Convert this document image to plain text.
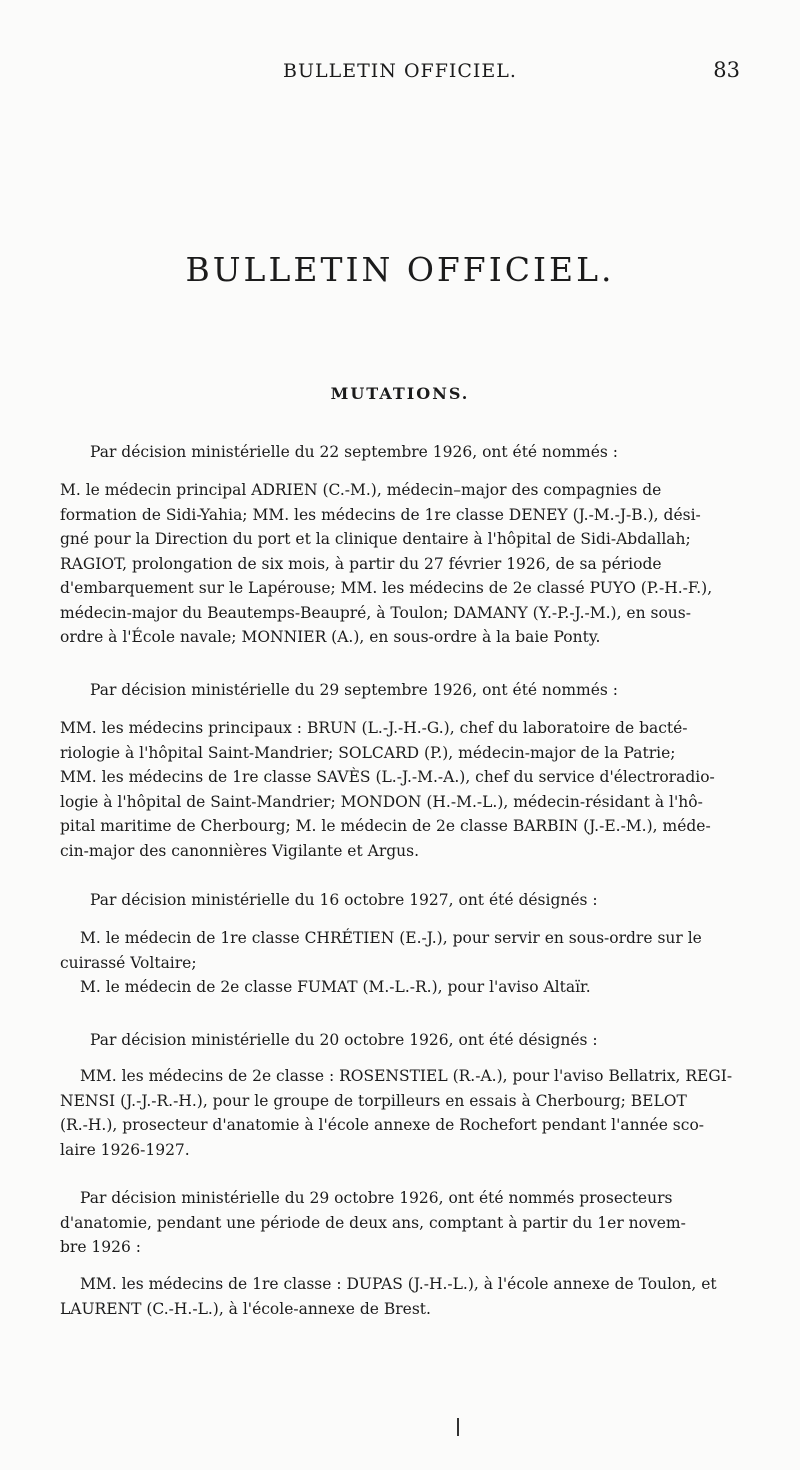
BULLETIN OFFICIEL.	83
BULLETIN OFFICIEL.
MUTATIONS.
Par décision ministérielle du 22 septembre 1926, ont été nommés :
M. le médecin principal ADRIEN (C.-M.), médecin–major des compagnies de
formation de Sidi-Yahia; MM. les médecins de 1re classe DENEY (J.-M.-J-B.), dési-
gné pour la Direction du port et la clinique dentaire à l'hôpital de Sidi-Abdallah;
RAGIOT, prolongation de six mois, à partir du 27 février 1926, de sa période
d'embarquement sur le Lapérouse; MM. les médecins de 2e classé PUYO (P.-H.-F.),
médecin-major du Beautemps-Beaupré, à Toulon; DAMANY (Y.-P.-J.-M.), en sous-
ordre à l'École navale; MONNIER (A.), en sous-ordre à la baie Ponty.
Par décision ministérielle du 29 septembre 1926, ont été nommés :
MM. les médecins principaux : BRUN (L.-J.-H.-G.), chef du laboratoire de bacté-
riologie à l'hôpital Saint-Mandrier; SOLCARD (P.), médecin-major de la Patrie;
MM. les médecins de 1re classe SAVÈS (L.-J.-M.-A.), chef du service d'électroradio-
logie à l'hôpital de Saint-Mandrier; MONDON (H.-M.-L.), médecin-résidant à l'hô-
pital maritime de Cherbourg; M. le médecin de 2e classe BARBIN (J.-E.-M.), méde-
cin-major des canonnières Vigilante et Argus.
Par décision ministérielle du 16 octobre 1927, ont été désignés :
M. le médecin de 1re classe CHRÉTIEN (E.-J.), pour servir en sous-ordre sur le
cuirassé Voltaire;
M. le médecin de 2e classe FUMAT (M.-L.-R.), pour l'aviso Altaïr.
Par décision ministérielle du 20 octobre 1926, ont été désignés :
MM. les médecins de 2e classe : ROSENSTIEL (R.-A.), pour l'aviso Bellatrix, REGI-
NENSI (J.-J.-R.-H.), pour le groupe de torpilleurs en essais à Cherbourg; BELOT
(R.-H.), prosecteur d'anatomie à l'école annexe de Rochefort pendant l'année sco-
laire 1926-1927.
Par décision ministérielle du 29 octobre 1926, ont été nommés prosecteurs
d'anatomie, pendant une période de deux ans, comptant à partir du 1er novem-
bre 1926 :
MM. les médecins de 1re classe : DUPAS (J.-H.-L.), à l'école annexe de Toulon, et
LAURENT (C.-H.-L.), à l'école-annexe de Brest.
